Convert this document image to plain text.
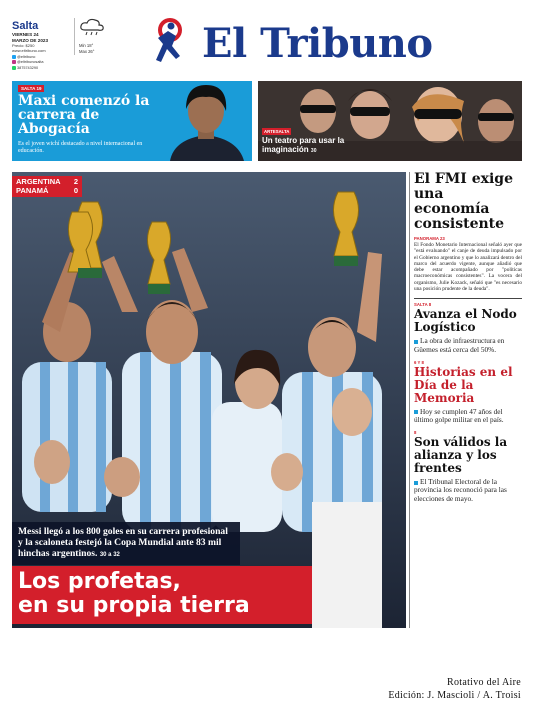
Salta
VIERNES 24
MARZO DE 2023
Precio: $250
www.eltribuno.com
@eltribuno
@eltribunosalta
3875743290
Min 18°
Max 26°	El Tribuno
SALTA 19
Maxi comenzó la carrera de Abogacía
Es el joven wichí destacado a nivel internacional en educación.
ARTESALTA
Un teatro para usar la imaginación 30
ARGENTINA 2
PANAMÁ	0
Messi llegó a los 800 goles en su carrera profesional y la scaloneta festejó la Copa Mundial ante 83 mil hinchas argentinos. 30 a 32
Los profetas,
en su propia tierra
El FMI exige una economía consistente
PANORAMA 23
El Fondo Monetario Internacional señaló ayer que "está evaluando" el canje de deuda impulsado por el Gobierno argentino y que lo analizará dentro del marco del acuerdo vigente, aunque añadió que debe estar acompañado por "políticas macroeconómicas consistentes". La vocera del organismo, Julie Kozack, señaló que "es necesario una posición prudente de la deuda".
SALTA 8
Avanza el Nodo Logístico
La obra de infraestructura en Güemes está cerca del 50%.
6 Y 8
Historias en el Día de la Memoria
Hoy se cumplen 47 años del último golpe militar en el país.
8
Son válidos la alianza y los frentes
El Tribunal Electoral de la provincia los reconoció para las elecciones de mayo.
Rotativo del Aire
Edición: J. Mascioli / A. Troisi
